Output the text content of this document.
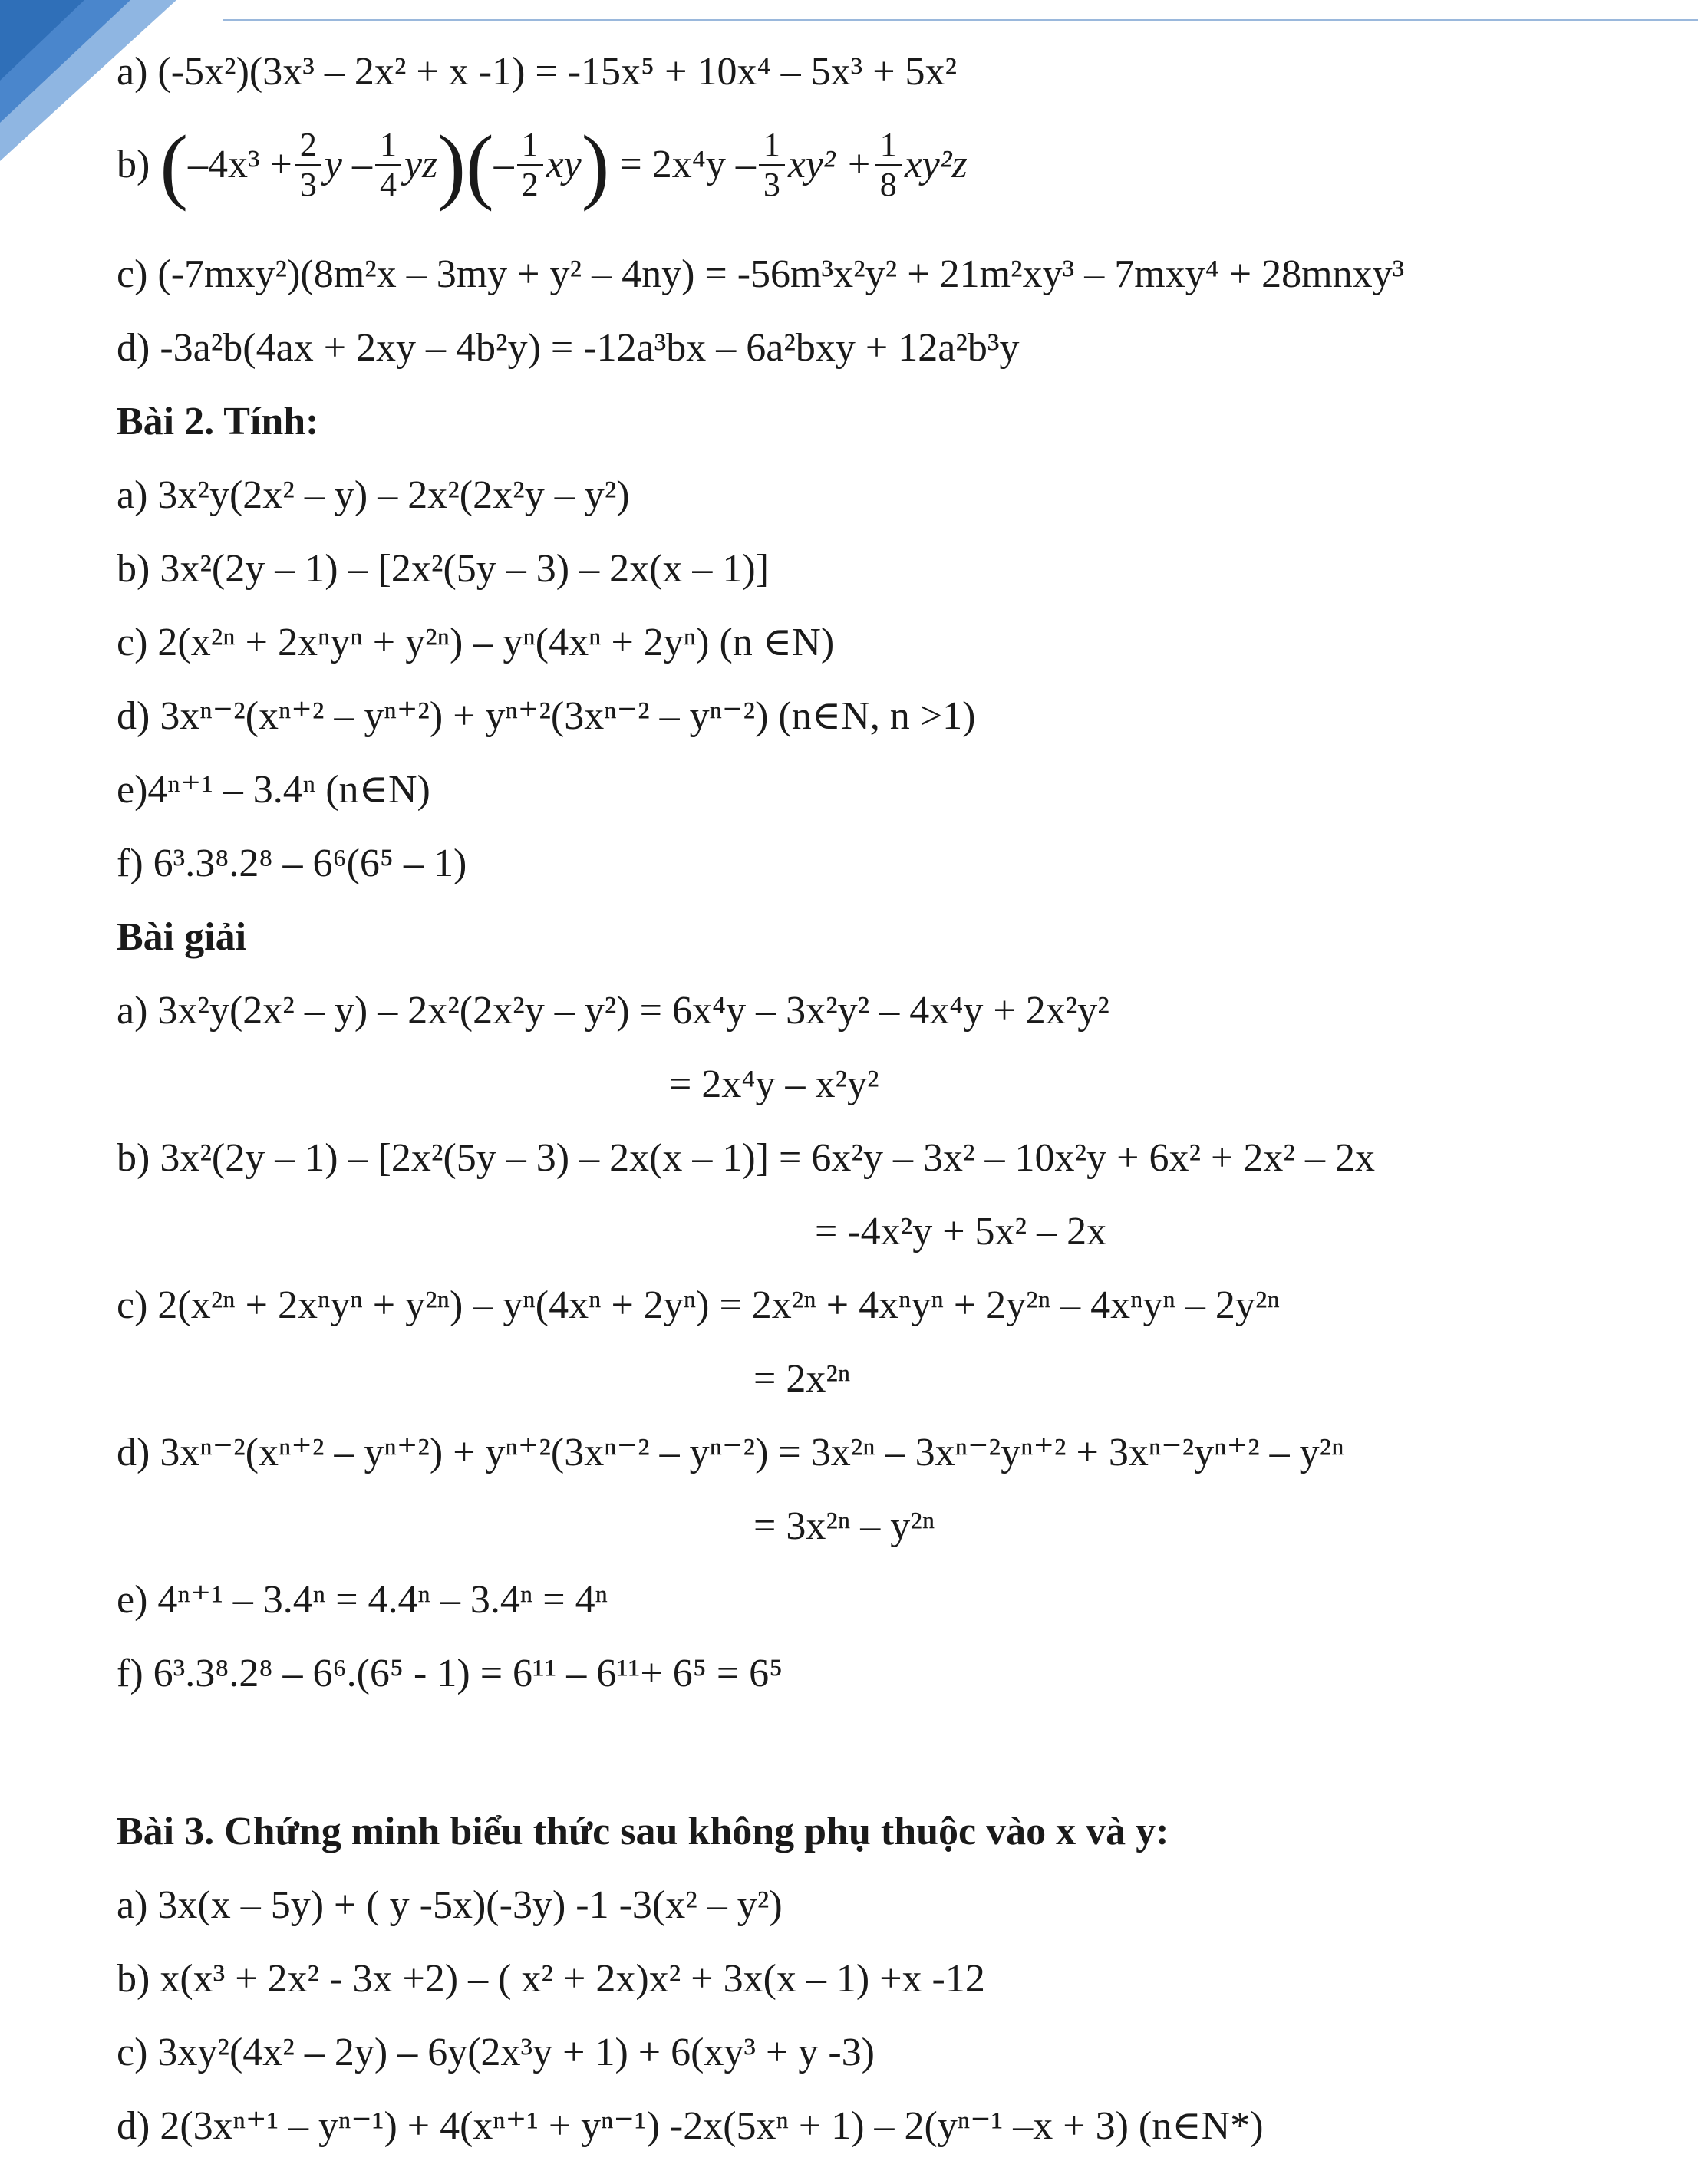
a) (-5x²)(3x³ – 2x² + x -1) = -15x⁵ + 10x⁴ – 5x³ + 5x²
c) (-7mxy²)(8m²x – 3my + y² – 4ny) = -56m³x²y² + 21m²xy³ – 7mxy⁴ + 28mnxy³
d) -3a²b(4ax + 2xy – 4b²y) = -12a³bx – 6a²bxy + 12a²b³y
Bài 2. Tính:
a) 3x²y(2x² – y) – 2x²(2x²y – y²)
b) 3x²(2y – 1) – [2x²(5y – 3) – 2x(x – 1)]
c) 2(x²ⁿ + 2xⁿyⁿ + y²ⁿ) – yⁿ(4xⁿ + 2yⁿ) (n ∈N)
d) 3xⁿ⁻²(xⁿ⁺² – yⁿ⁺²) + yⁿ⁺²(3xⁿ⁻² – yⁿ⁻²) (n∈N, n >1)
e)4ⁿ⁺¹ – 3.4ⁿ (n∈N)
f) 6³.3⁸.2⁸ – 6⁶(6⁵ – 1)
Bài giải
a) 3x²y(2x² – y) – 2x²(2x²y – y²) = 6x⁴y – 3x²y² – 4x⁴y + 2x²y²
= 2x⁴y – x²y²
b) 3x²(2y – 1) – [2x²(5y – 3) – 2x(x – 1)] = 6x²y – 3x² – 10x²y + 6x² + 2x² – 2x
= -4x²y + 5x² – 2x
c) 2(x²ⁿ + 2xⁿyⁿ + y²ⁿ) – yⁿ(4xⁿ + 2yⁿ) = 2x²ⁿ + 4xⁿyⁿ + 2y²ⁿ – 4xⁿyⁿ – 2y²ⁿ
= 2x²ⁿ
d) 3xⁿ⁻²(xⁿ⁺² – yⁿ⁺²) + yⁿ⁺²(3xⁿ⁻² – yⁿ⁻²) = 3x²ⁿ – 3xⁿ⁻²yⁿ⁺² + 3xⁿ⁻²yⁿ⁺² – y²ⁿ
= 3x²ⁿ – y²ⁿ
e) 4ⁿ⁺¹ – 3.4ⁿ = 4.4ⁿ – 3.4ⁿ = 4ⁿ
f) 6³.3⁸.2⁸ – 6⁶.(6⁵ - 1) = 6¹¹ – 6¹¹+ 6⁵ = 6⁵
Bài 3. Chứng minh biểu thức sau không phụ thuộc vào x và y:
a) 3x(x – 5y) + ( y -5x)(-3y) -1 -3(x² – y²)
b) x(x³ + 2x² - 3x +2) – ( x² + 2x)x² + 3x(x – 1) +x -12
c) 3xy²(4x² – 2y) – 6y(2x³y + 1) + 6(xy³ + y -3)
d) 2(3xⁿ⁺¹ – yⁿ⁻¹) + 4(xⁿ⁺¹ + yⁿ⁻¹) -2x(5xⁿ + 1) – 2(yⁿ⁻¹ –x + 3) (n∈N*)
b)
( $-4x^3 + \frac{2}{3}$ y – $\frac{1}{4}$ yz ) ( – $\frac{1}{2}$ xy )
= $2x^4y - \frac{1}{3} xy^2 + \frac{1}{8} xy^2z$
